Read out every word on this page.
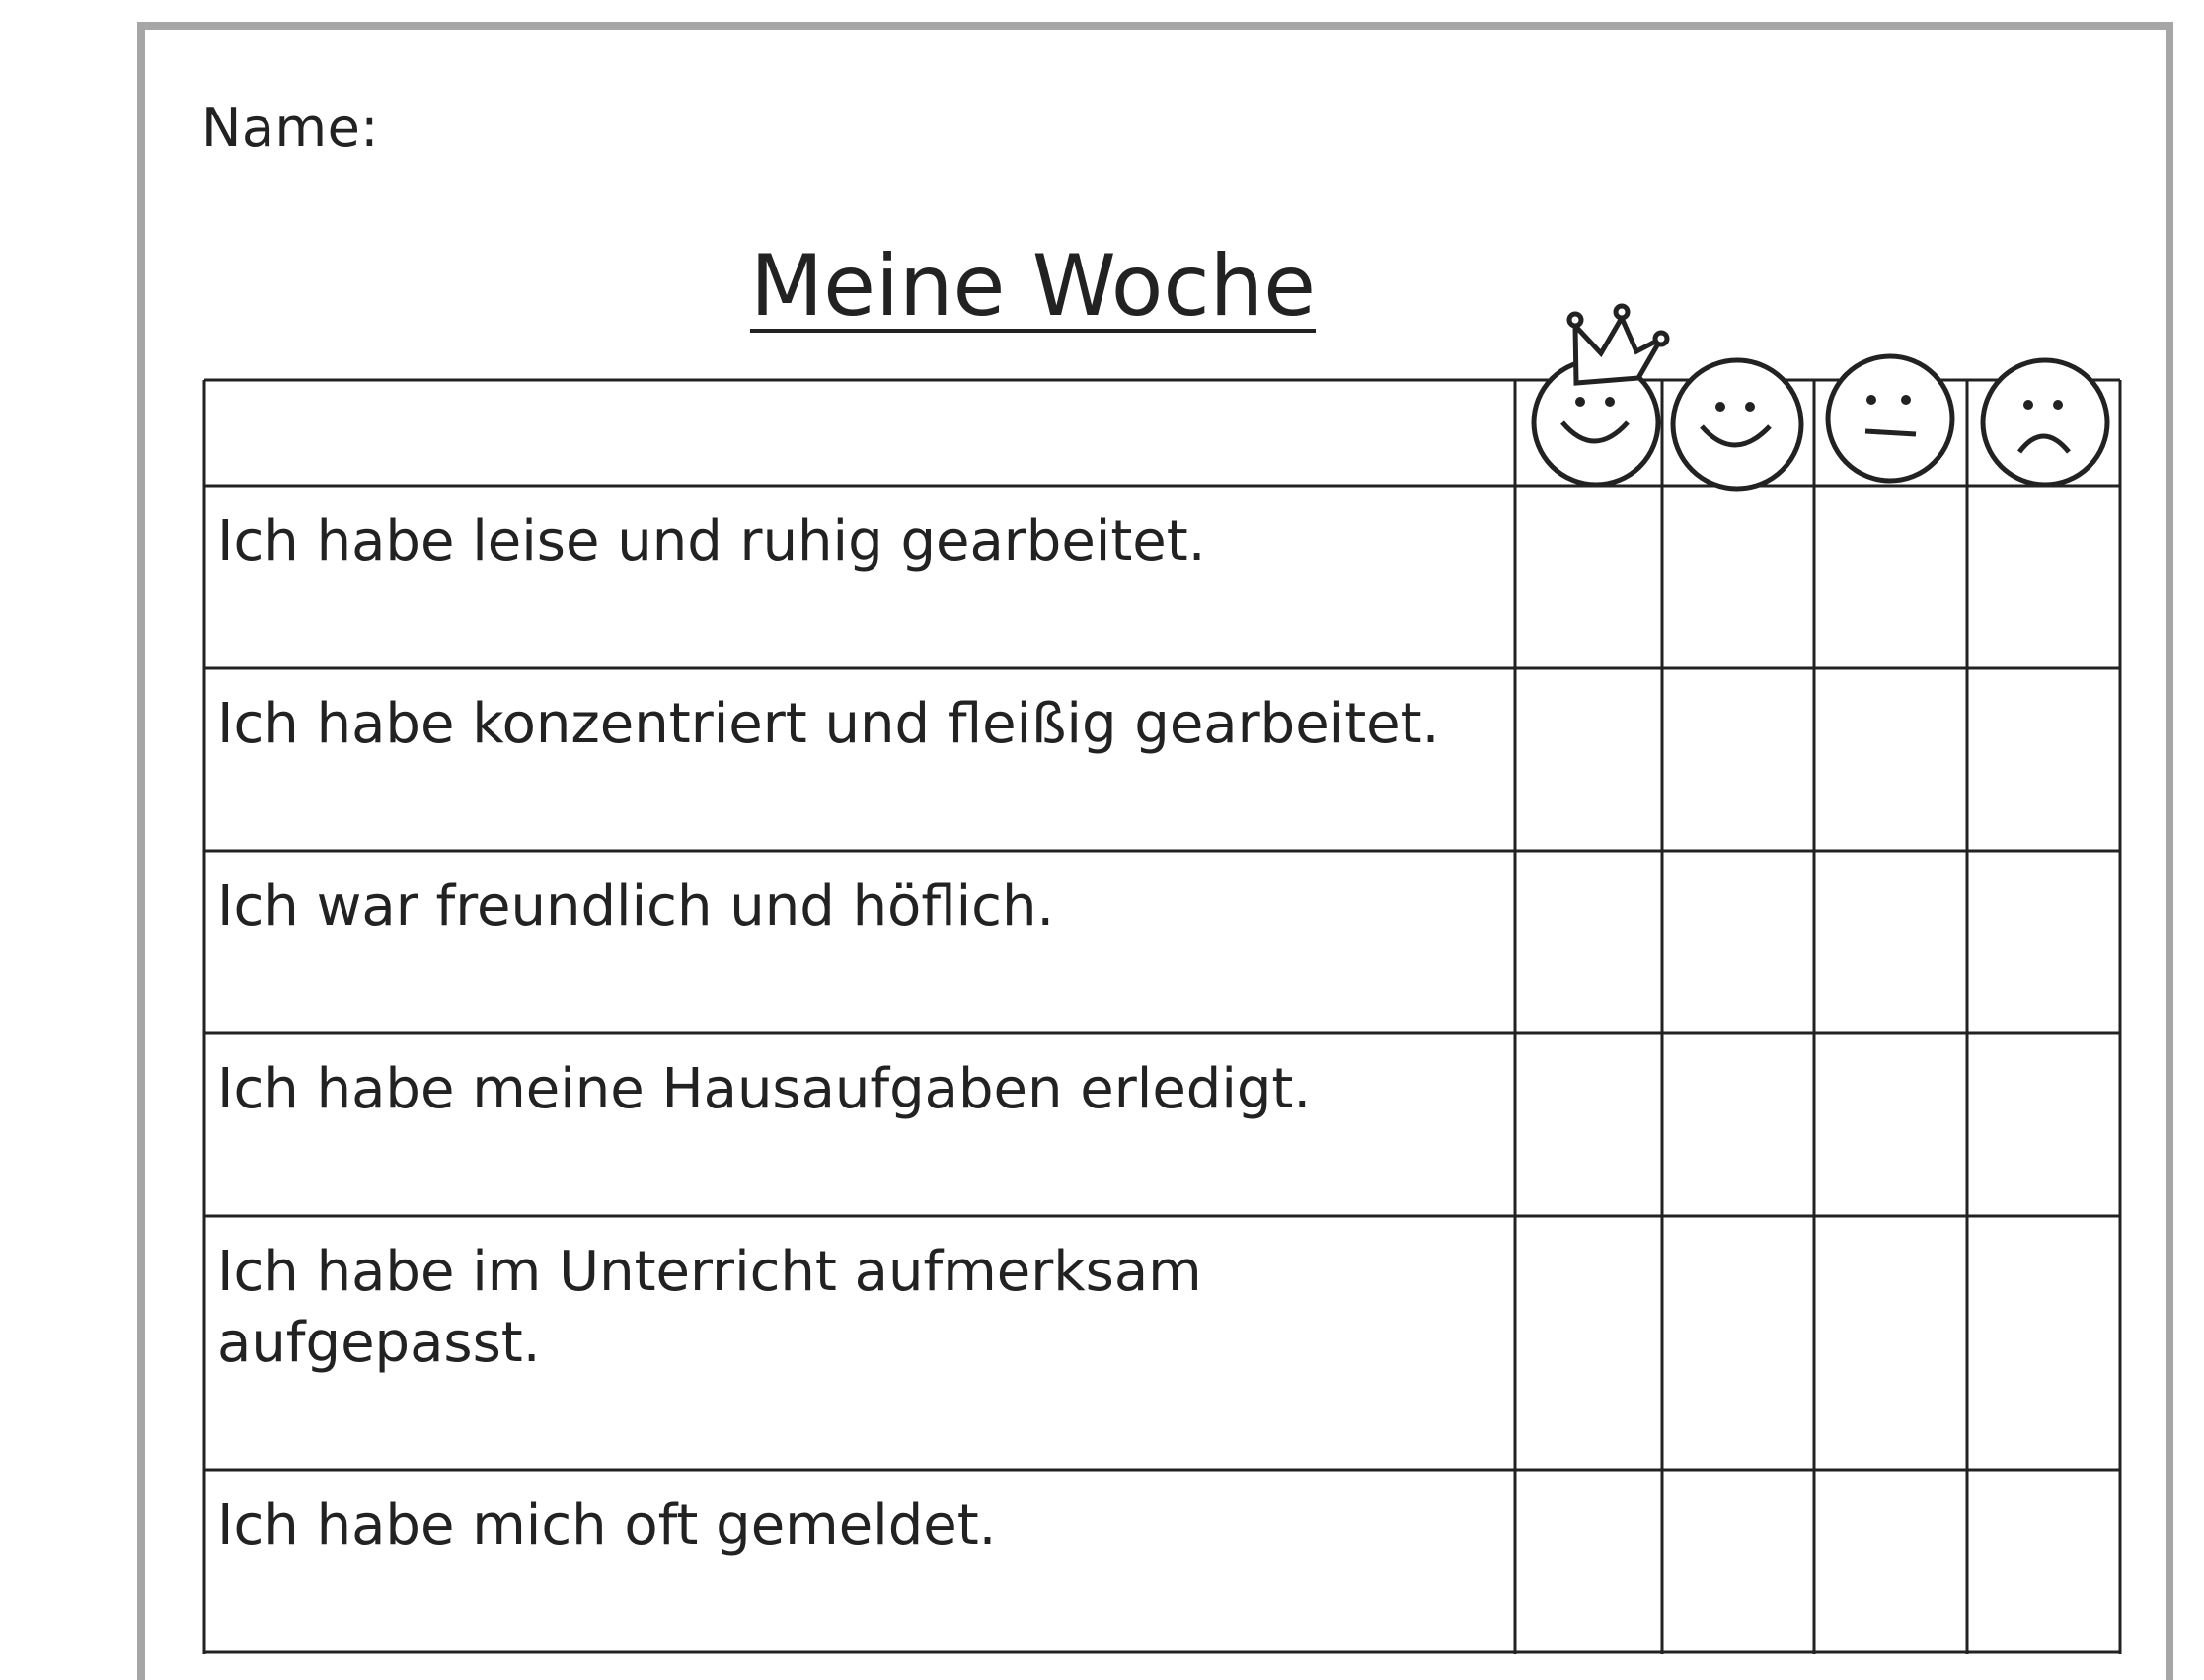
Name:
Meine Woche
Ich habe leise und ruhig gearbeitet.
Ich habe konzentriert und fleißig gearbeitet.
Ich war freundlich und höflich.
Ich habe meine Hausaufgaben erledigt.
Ich habe im Unterricht aufmerksam aufgepasst.
Ich habe mich oft gemeldet.
